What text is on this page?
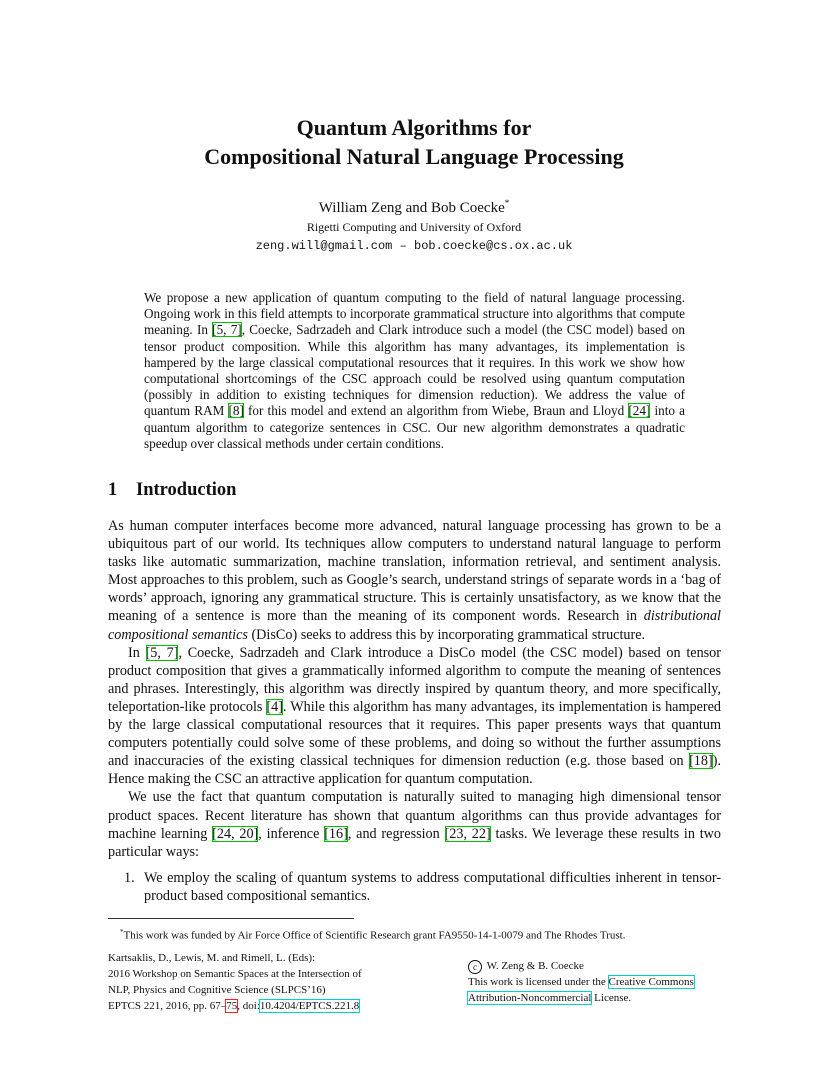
Quantum Algorithms for
Compositional Natural Language Processing
William Zeng and Bob Coecke*
Rigetti Computing and University of Oxford
zeng.will@gmail.com – bob.coecke@cs.ox.ac.uk
We propose a new application of quantum computing to the field of natural language processing. Ongoing work in this field attempts to incorporate grammatical structure into algorithms that compute meaning. In [5, 7], Coecke, Sadrzadeh and Clark introduce such a model (the CSC model) based on tensor product composition. While this algorithm has many advantages, its implementation is hampered by the large classical computational resources that it requires. In this work we show how computational shortcomings of the CSC approach could be resolved using quantum computation (possibly in addition to existing techniques for dimension reduction). We address the value of quantum RAM [8] for this model and extend an algorithm from Wiebe, Braun and Lloyd [24] into a quantum algorithm to categorize sentences in CSC. Our new algorithm demonstrates a quadratic speedup over classical methods under certain conditions.
1 Introduction

As human computer interfaces become more advanced, natural language processing has grown to be a ubiquitous part of our world. Its techniques allow computers to understand natural language to perform tasks like automatic summarization, machine translation, information retrieval, and sentiment analysis. Most approaches to this problem, such as Google’s search, understand strings of separate words in a ‘bag of words’ approach, ignoring any grammatical structure. This is certainly unsatisfactory, as we know that the meaning of a sentence is more than the meaning of its component words. Research in distributional compositional semantics (DisCo) seeks to address this by incorporating grammatical structure.

In [5, 7], Coecke, Sadrzadeh and Clark introduce a DisCo model (the CSC model) based on tensor product composition that gives a grammatically informed algorithm to compute the meaning of sentences and phrases. Interestingly, this algorithm was directly inspired by quantum theory, and more specifically, teleportation-like protocols [4]. While this algorithm has many advantages, its implementation is hampered by the large classical computational resources that it requires. This paper presents ways that quantum computers potentially could solve some of these problems, and doing so without the further assumptions and inaccuracies of the existing classical techniques for dimension reduction (e.g. those based on [18]). Hence making the CSC an attractive application for quantum computation.

We use the fact that quantum computation is naturally suited to managing high dimensional tensor product spaces. Recent literature has shown that quantum algorithms can thus provide advantages for machine learning [24, 20], inference [16], and regression [23, 22] tasks. We leverage these results in two particular ways:

1. We employ the scaling of quantum systems to address computational difficulties inherent in tensor-product based compositional semantics.
*This work was funded by Air Force Office of Scientific Research grant FA9550-14-1-0079 and The Rhodes Trust.
Kartsaklis, D., Lewis, M. and Rimell, L. (Eds):
2016 Workshop on Semantic Spaces at the Intersection of
NLP, Physics and Cognitive Science (SLPCS’16)
EPTCS 221, 2016, pp. 67–75, doi:10.4204/EPTCS.221.8
c W. Zeng & B. Coecke
This work is licensed under the Creative Commons
Attribution-Noncommercial License.
